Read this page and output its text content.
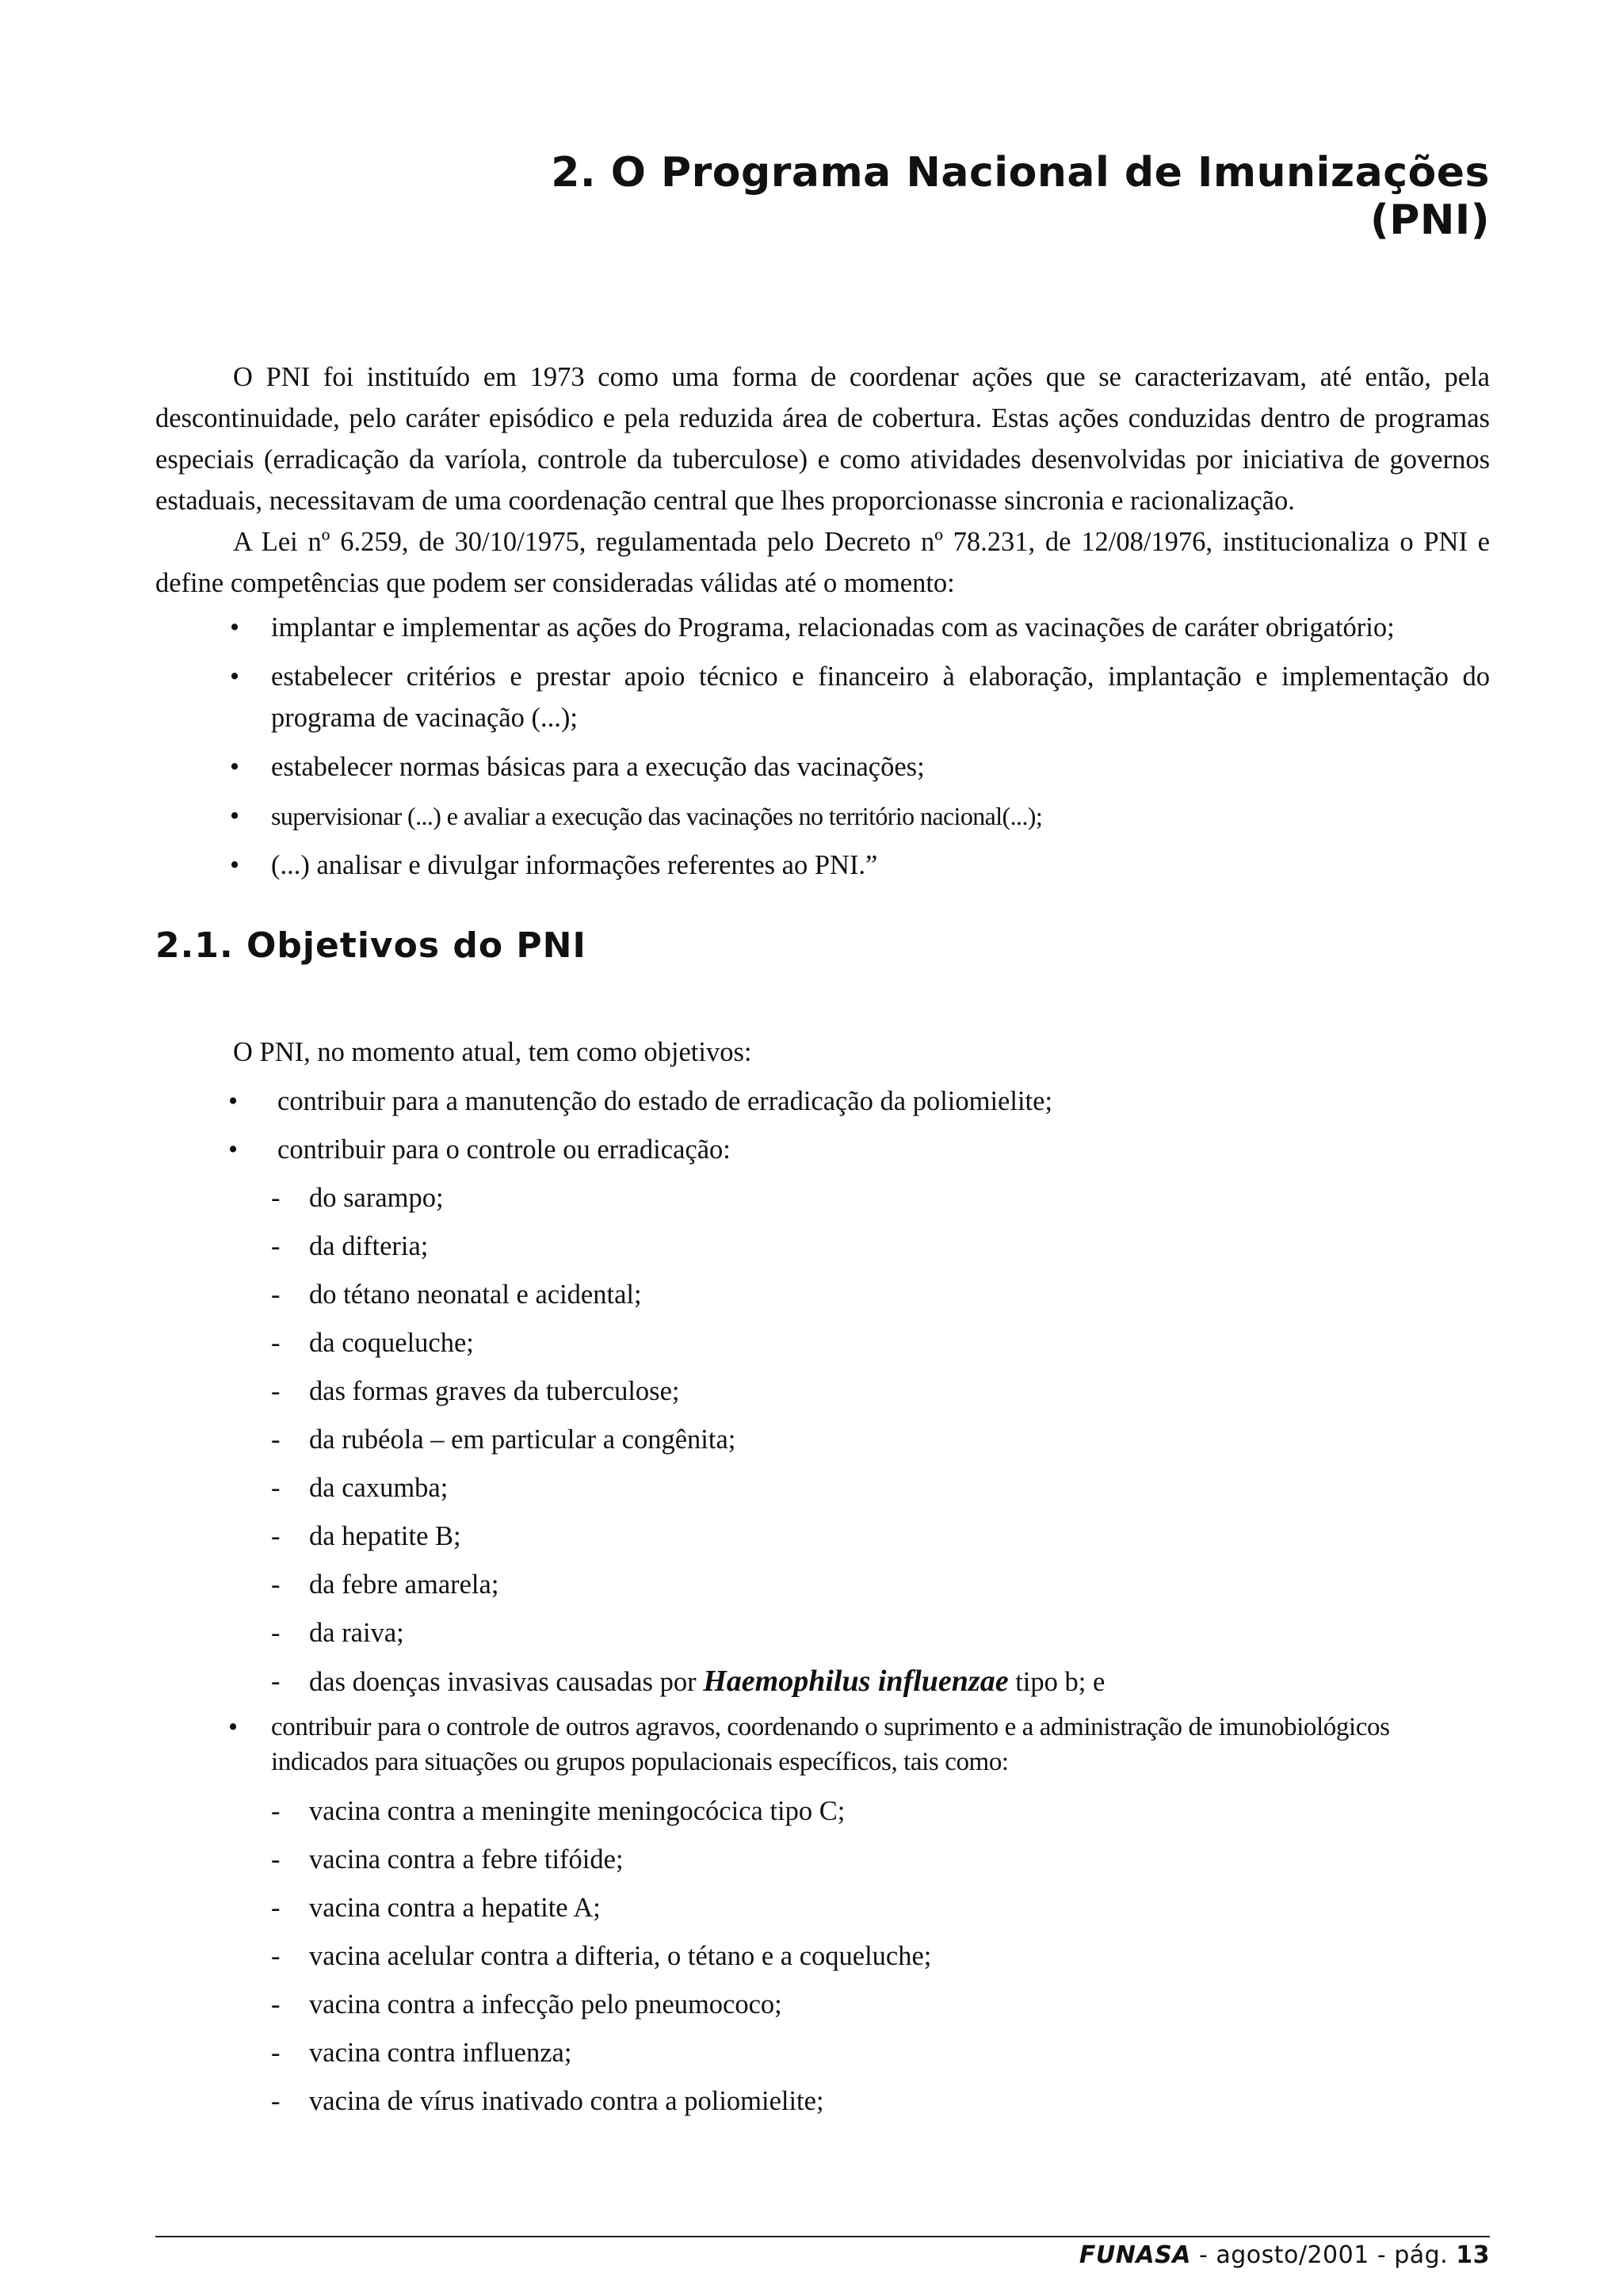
2. O Programa Nacional de Imunizações (PNI)

O PNI foi instituído em 1973 como uma forma de coordenar ações que se caracterizavam, até então, pela descontinuidade, pelo caráter episódico e pela reduzida área de cobertura. Estas ações conduzidas dentro de programas especiais (erradicação da varíola, controle da tuberculose) e como atividades desenvolvidas por iniciativa de governos estaduais, necessitavam de uma coordenação central que lhes proporcionasse sincronia e racionalização.

A Lei nº 6.259, de 30/10/1975, regulamentada pelo Decreto nº 78.231, de 12/08/1976, institucionaliza o PNI e define competências que podem ser consideradas válidas até o momento:

• implantar e implementar as ações do Programa, relacionadas com as vacinações de caráter obrigatório;
• estabelecer critérios e prestar apoio técnico e financeiro à elaboração, implantação e implementação do programa de vacinação (...);
• estabelecer normas básicas para a execução das vacinações;
• supervisionar (...) e avaliar a execução das vacinações no território nacional(...);
• (...) analisar e divulgar informações referentes ao PNI.”
2.1. Objetivos do PNI

O PNI, no momento atual, tem como objetivos:

• contribuir para a manutenção do estado de erradicação da poliomielite;
• contribuir para o controle ou erradicação:
- do sarampo;
- da difteria;
- do tétano neonatal e acidental;
- da coqueluche;
- das formas graves da tuberculose;
- da rubéola – em particular a congênita;
- da caxumba;
- da hepatite B;
- da febre amarela;
- da raiva;
- das doenças invasivas causadas por Haemophilus influenzae tipo b; e
• contribuir para o controle de outros agravos, coordenando o suprimento e a administração de imunobiológicos indicados para situações ou grupos populacionais específicos, tais como:
- vacina contra a meningite meningocócica tipo C;
- vacina contra a febre tifóide;
- vacina contra a hepatite A;
- vacina acelular contra a difteria, o tétano e a coqueluche;
- vacina contra a infecção pelo pneumococo;
- vacina contra influenza;
- vacina de vírus inativado contra a poliomielite;

FUNASA - agosto/2001 - pág. 13
